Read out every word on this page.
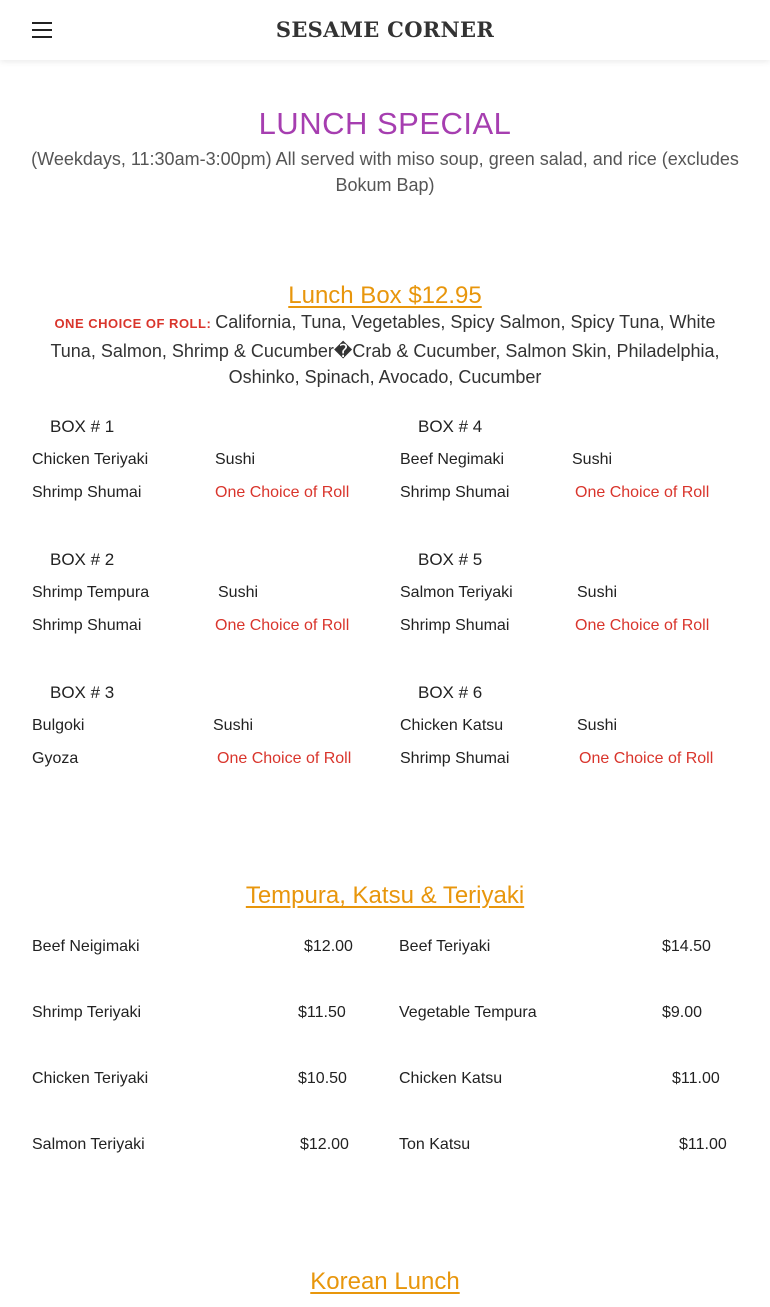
SESAME CORNER
LUNCH SPECIAL
(Weekdays, 11:30am-3:00pm) All served with miso soup, green salad, and rice (excludes Bokum Bap)
Lunch Box $12.95
ONE CHOICE OF ROLL: California, Tuna, Vegetables, Spicy Salmon, Spicy Tuna, White Tuna, Salmon, Shrimp & Cucumber�Crab & Cucumber, Salmon Skin, Philadelphia, Oshinko, Spinach, Avocado, Cucumber
BOX # 1
Chicken Teriyaki	Sushi
Shrimp Shumai	One Choice of Roll
BOX # 4
Beef Negimaki	Sushi
Shrimp Shumai	One Choice of Roll
BOX # 2
Shrimp Tempura	Sushi
Shrimp Shumai	One Choice of Roll
BOX # 5
Salmon Teriyaki	Sushi
Shrimp Shumai	One Choice of Roll
BOX # 3
Bulgoki	Sushi
Gyoza	One Choice of Roll
BOX # 6
Chicken Katsu	Sushi
Shrimp Shumai	One Choice of Roll
Tempura, Katsu & Teriyaki
Beef Neigimaki	$12.00	Beef Teriyaki	$14.50
Shrimp Teriyaki	$11.50	Vegetable Tempura	$9.00
Chicken Teriyaki	$10.50	Chicken Katsu	$11.00
Salmon Teriyaki	$12.00	Ton Katsu	$11.00
Korean Lunch
